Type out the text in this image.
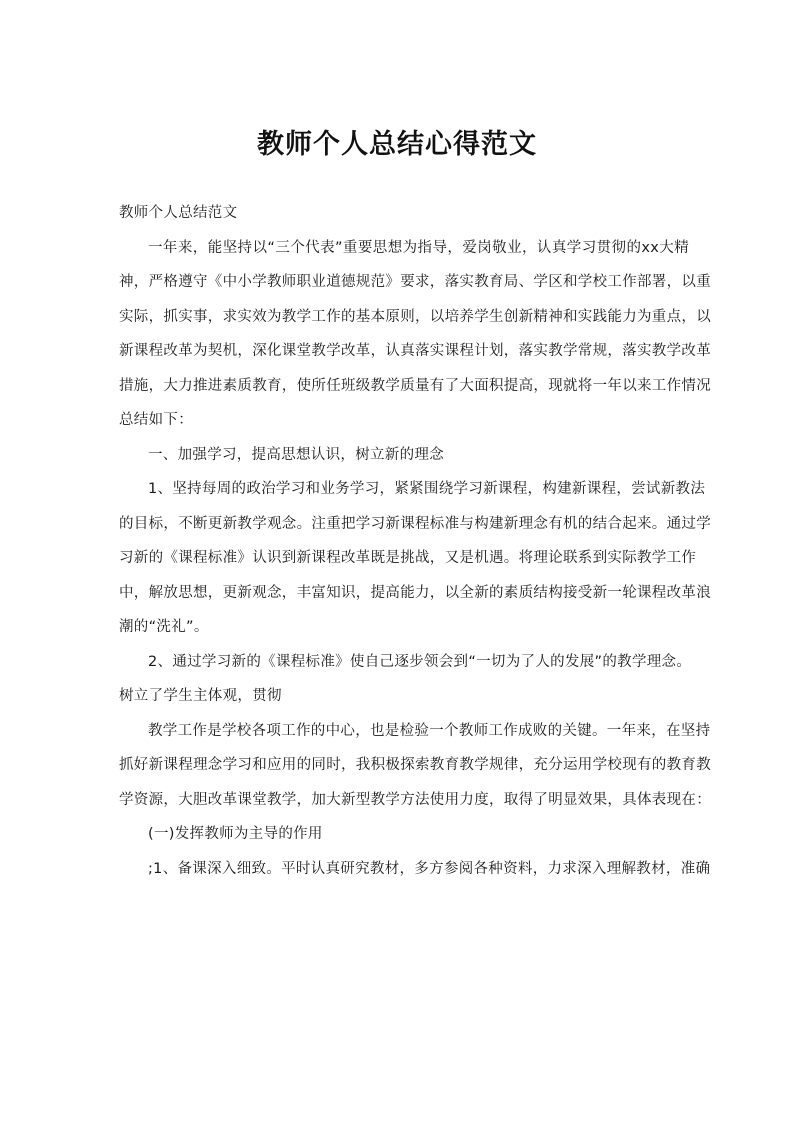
教师个人总结心得范文
教师个人总结范文
一年来，能坚持以“三个代表”重要思想为指导，爱岗敬业，认真学习贯彻的xx大精
神，严格遵守《中小学教师职业道德规范》要求，落实教育局、学区和学校工作部署，以重
实际，抓实事，求实效为教学工作的基本原则，以培养学生创新精神和实践能力为重点，以
新课程改革为契机，深化课堂教学改革，认真落实课程计划，落实教学常规，落实教学改革
措施，大力推进素质教育，使所任班级教学质量有了大面积提高，现就将一年以来工作情况
总结如下：
一、加强学习，提高思想认识，树立新的理念
1、坚持每周的政治学习和业务学习，紧紧围绕学习新课程，构建新课程，尝试新教法
的目标，不断更新教学观念。注重把学习新课程标准与构建新理念有机的结合起来。通过学
习新的《课程标准》认识到新课程改革既是挑战，又是机遇。将理论联系到实际教学工作
中，解放思想，更新观念，丰富知识，提高能力，以全新的素质结构接受新一轮课程改革浪
潮的“洗礼”。
2、通过学习新的《课程标准》使自己逐步领会到“一切为了人的发展”的教学理念。
树立了学生主体观，贯彻
教学工作是学校各项工作的中心，也是检验一个教师工作成败的关键。一年来，在坚持
抓好新课程理念学习和应用的同时，我积极探索教育教学规律，充分运用学校现有的教育教
学资源，大胆改革课堂教学，加大新型教学方法使用力度，取得了明显效果，具体表现在：
(一)发挥教师为主导的作用
;1、备课深入细致。平时认真研究教材，多方参阅各种资料，力求深入理解教材，准确
